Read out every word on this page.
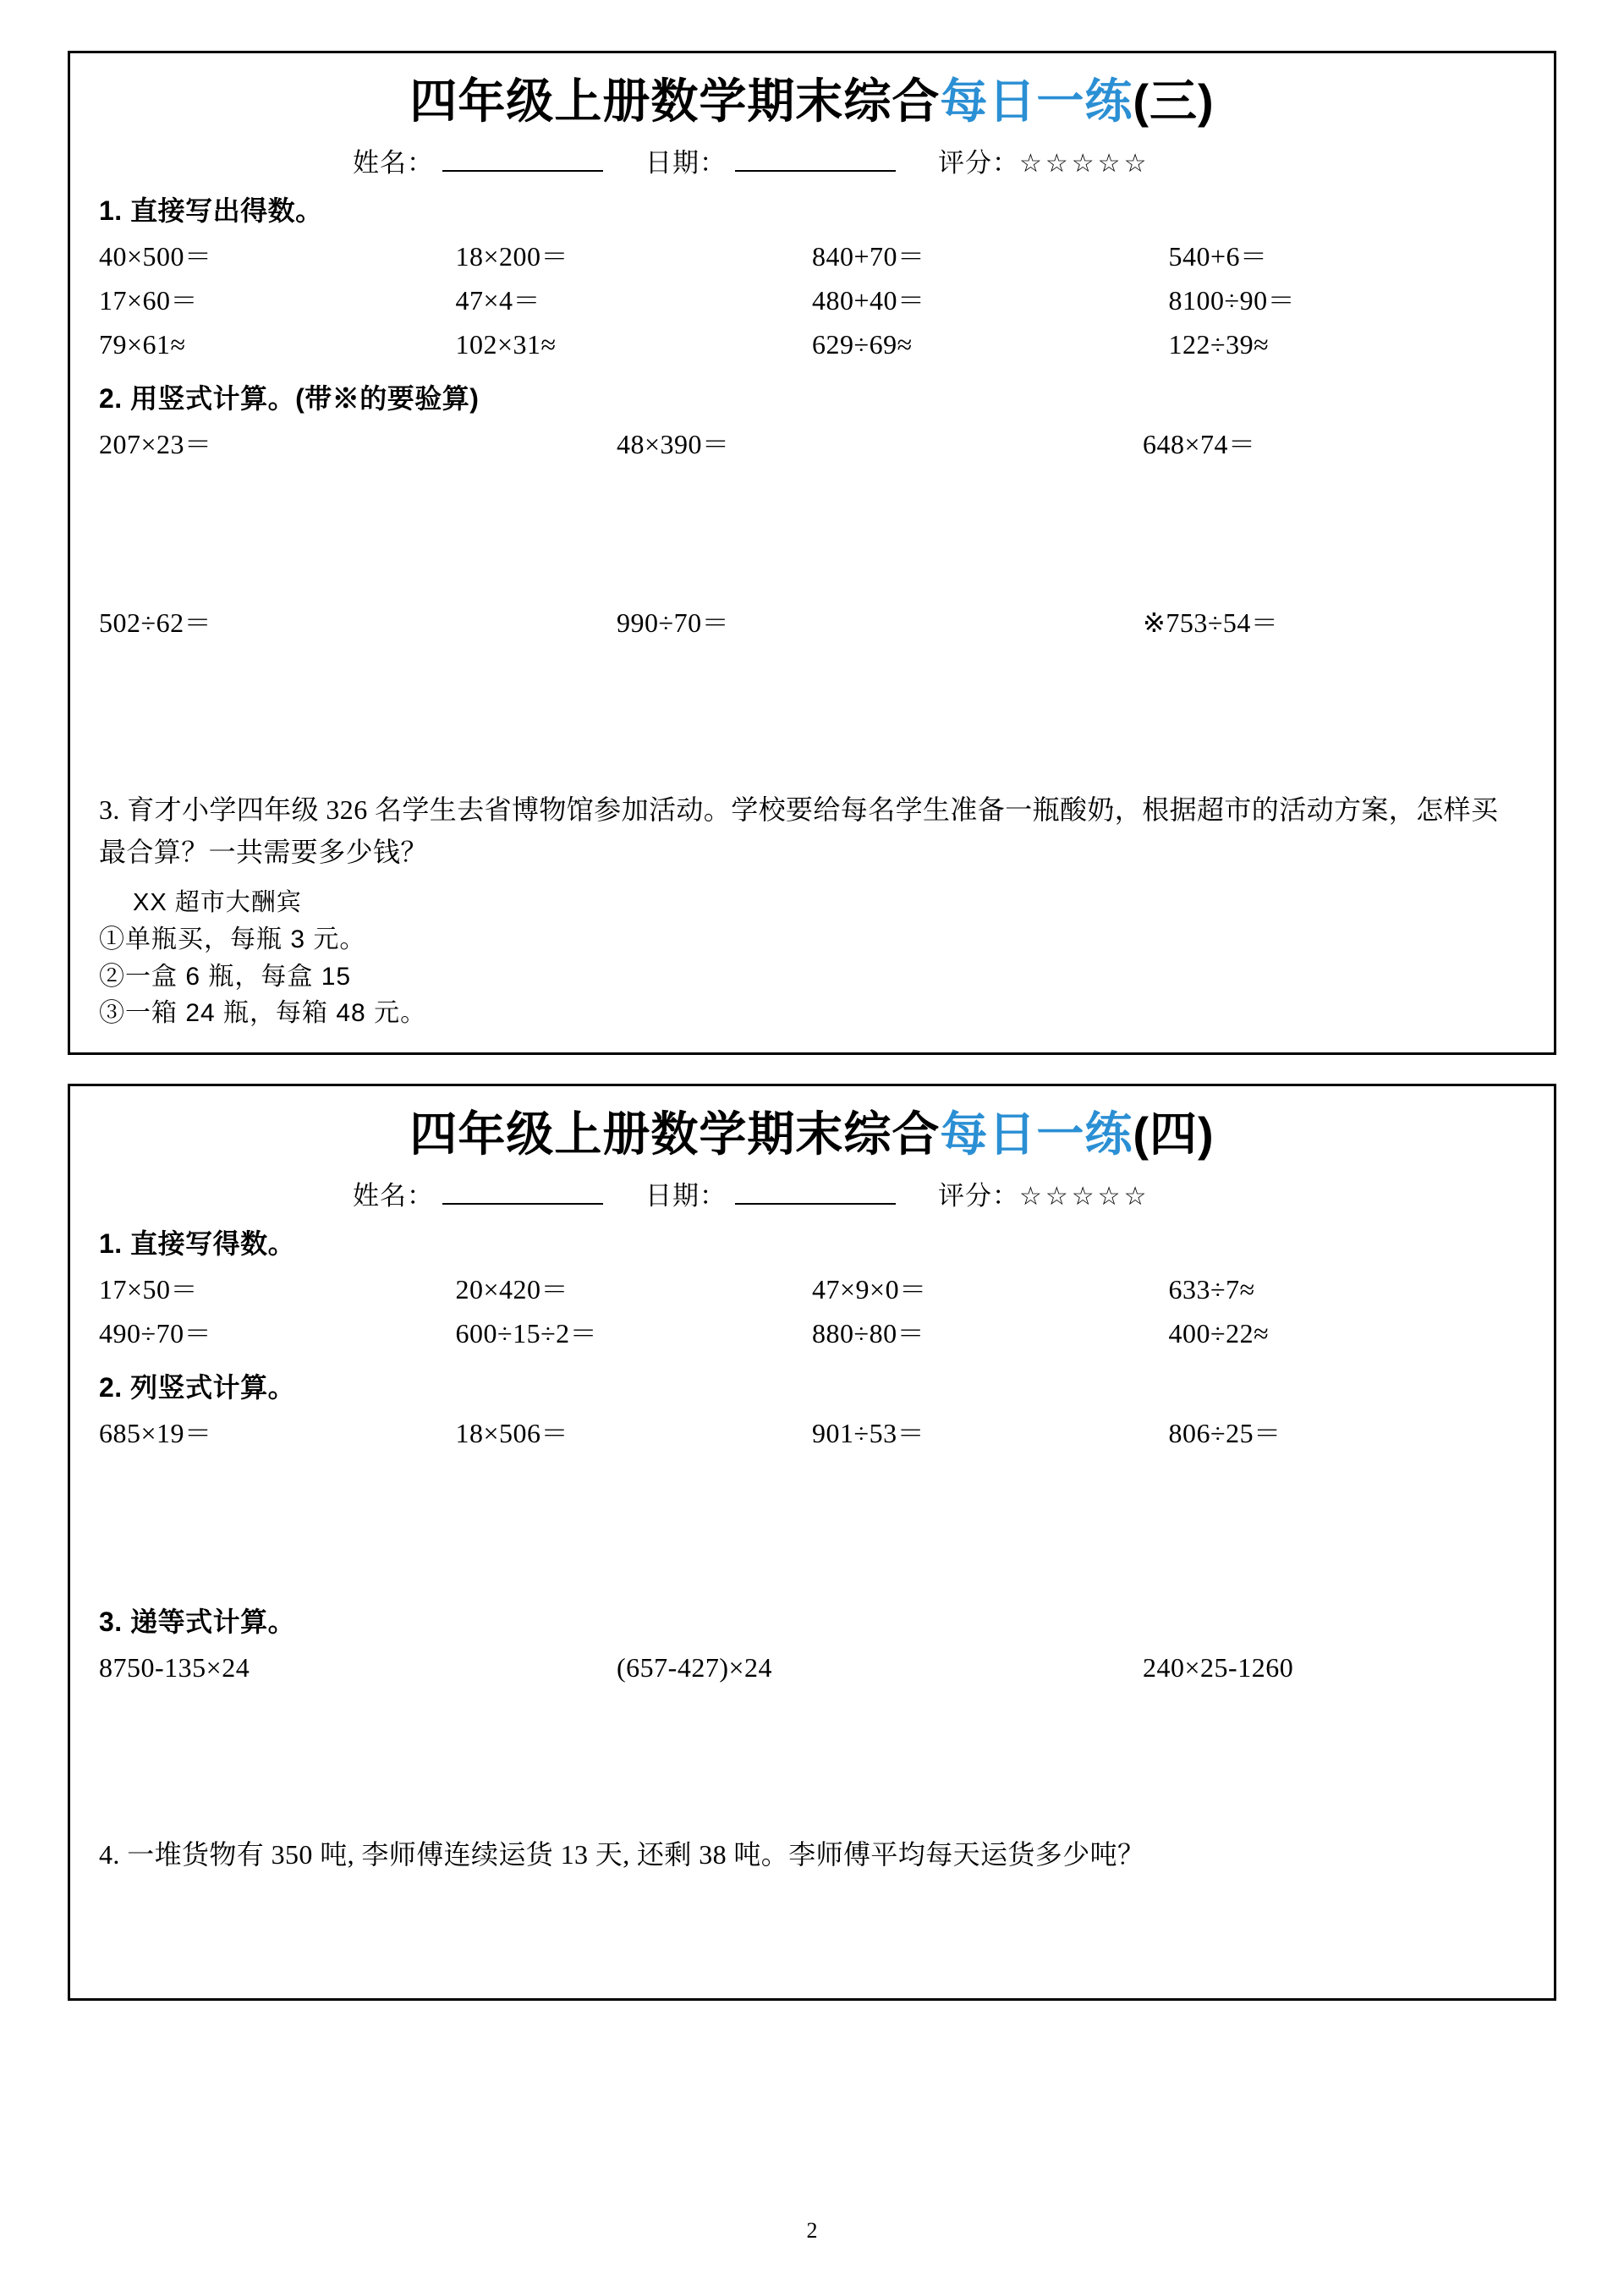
四年级上册数学期末综合每日一练(三)
姓名：	日期：	评分： ☆☆☆☆☆
1. 直接写出得数。
40×500＝	18×200＝	840+70＝	540+6＝
17×60＝	47×4＝	480+40＝	8100÷90＝
79×61≈	102×31≈	629÷69≈	122÷39≈
2. 用竖式计算。(带※的要验算)
207×23＝	48×390＝	648×74＝
502÷62＝	990÷70＝	※753÷54＝
3. 育才小学四年级 326 名学生去省博物馆参加活动。学校要给每名学生准备一瓶酸奶，根据超市的活动方案，怎样买最合算？一共需要多少钱？
XX 超市大酬宾
①单瓶买，每瓶 3 元。
②一盒 6 瓶，每盒 15
③一箱 24 瓶，每箱 48 元。
四年级上册数学期末综合每日一练(四)
姓名：	日期：	评分： ☆☆☆☆☆
1. 直接写得数。
17×50＝	20×420＝	47×9×0＝	633÷7≈
490÷70＝	600÷15÷2＝	880÷80＝	400÷22≈
2. 列竖式计算。
685×19＝	18×506＝	901÷53＝	806÷25＝
3. 递等式计算。
8750-135×24	(657-427)×24	240×25-1260
4. 一堆货物有 350 吨, 李师傅连续运货 13 天, 还剩 38 吨。李师傅平均每天运货多少吨？
2
